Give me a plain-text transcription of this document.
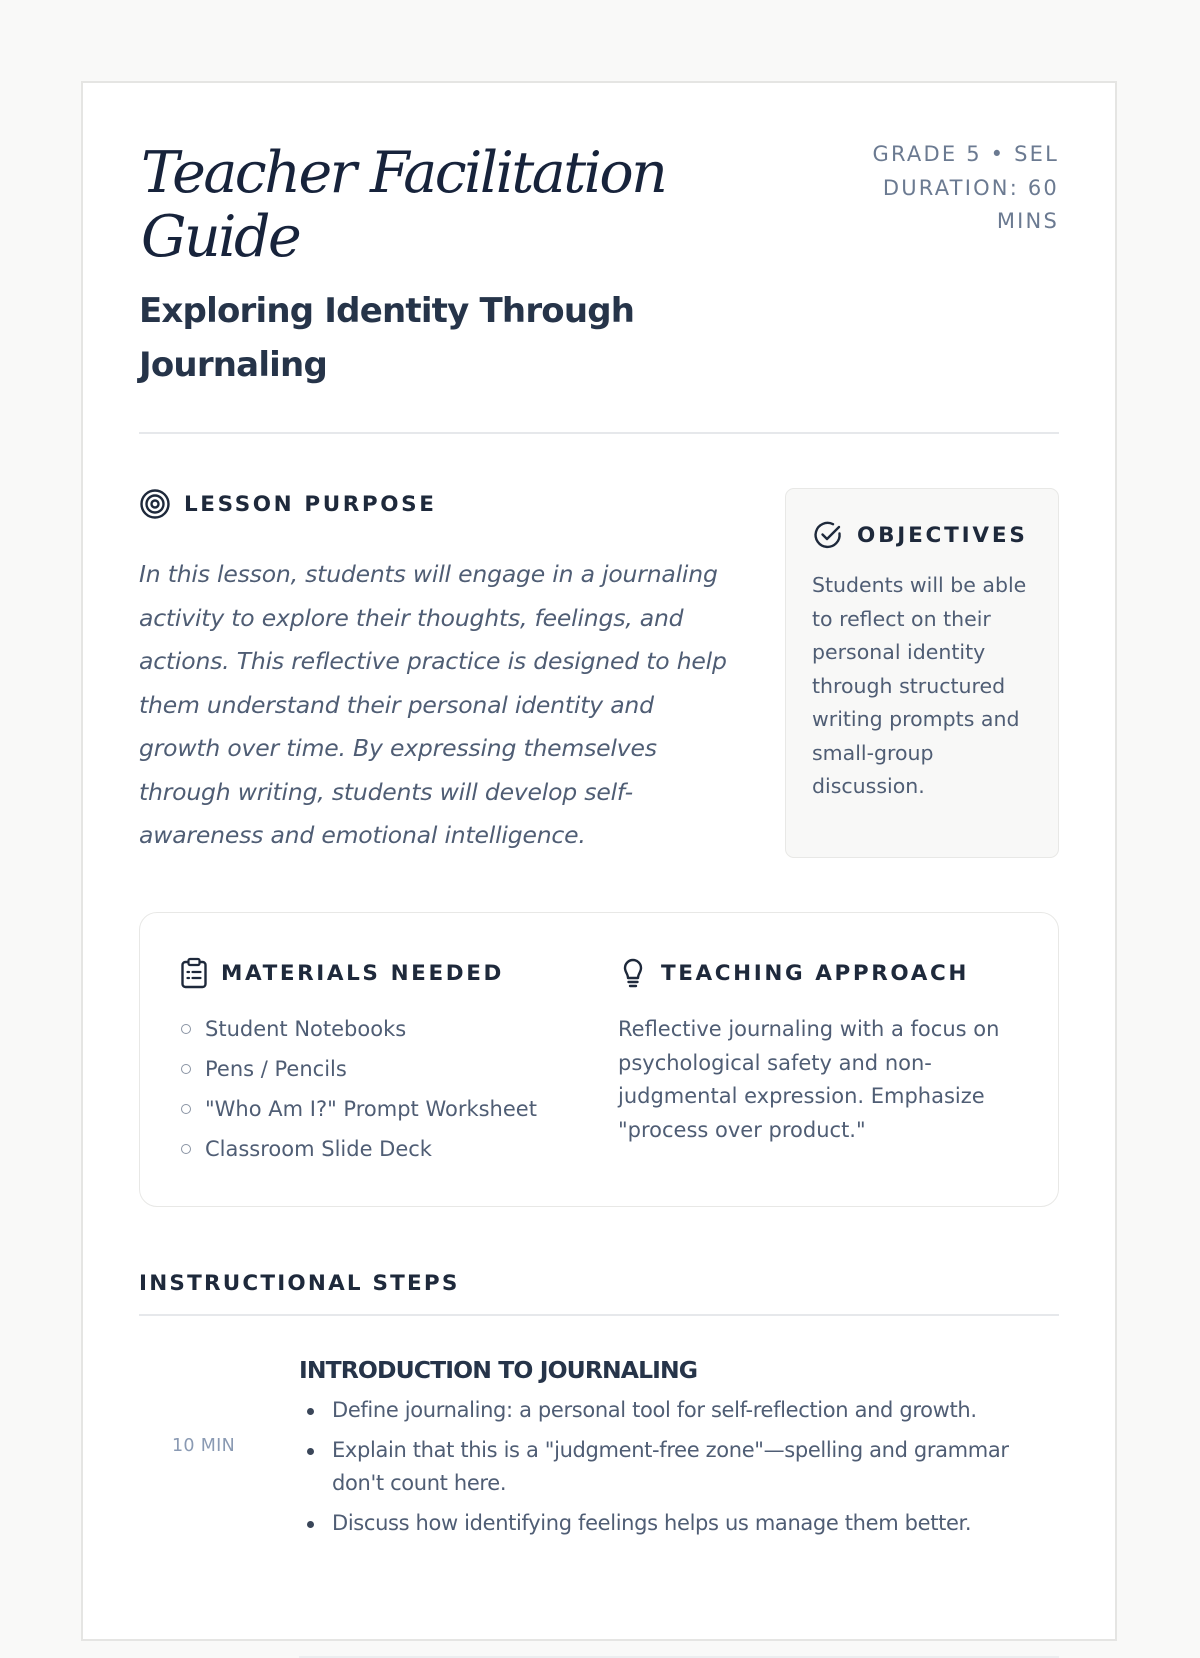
Teacher Facilitation Guide
Exploring Identity Through Journaling
GRADE 5 • SEL
DURATION: 60 MINS
LESSON PURPOSE

In this lesson, students will engage in a journaling activity to explore their thoughts, feelings, and actions. This reflective practice is designed to help them understand their personal identity and growth over time. By expressing themselves through writing, students will develop self-awareness and emotional intelligence.

OBJECTIVES
Students will be able to reflect on their personal identity through structured writing prompts and small-group discussion.
MATERIALS NEEDED
Student Notebooks
Pens / Pencils
"Who Am I?" Prompt Worksheet
Classroom Slide Deck
TEACHING APPROACH
Reflective journaling with a focus on psychological safety and non-judgmental expression. Emphasize "process over product."
INSTRUCTIONAL STEPS
10 MIN
INTRODUCTION TO JOURNALING
Define journaling: a personal tool for self-reflection and growth.
Explain that this is a "judgment-free zone"—spelling and grammar don't count here.
Discuss how identifying feelings helps us manage them better.
